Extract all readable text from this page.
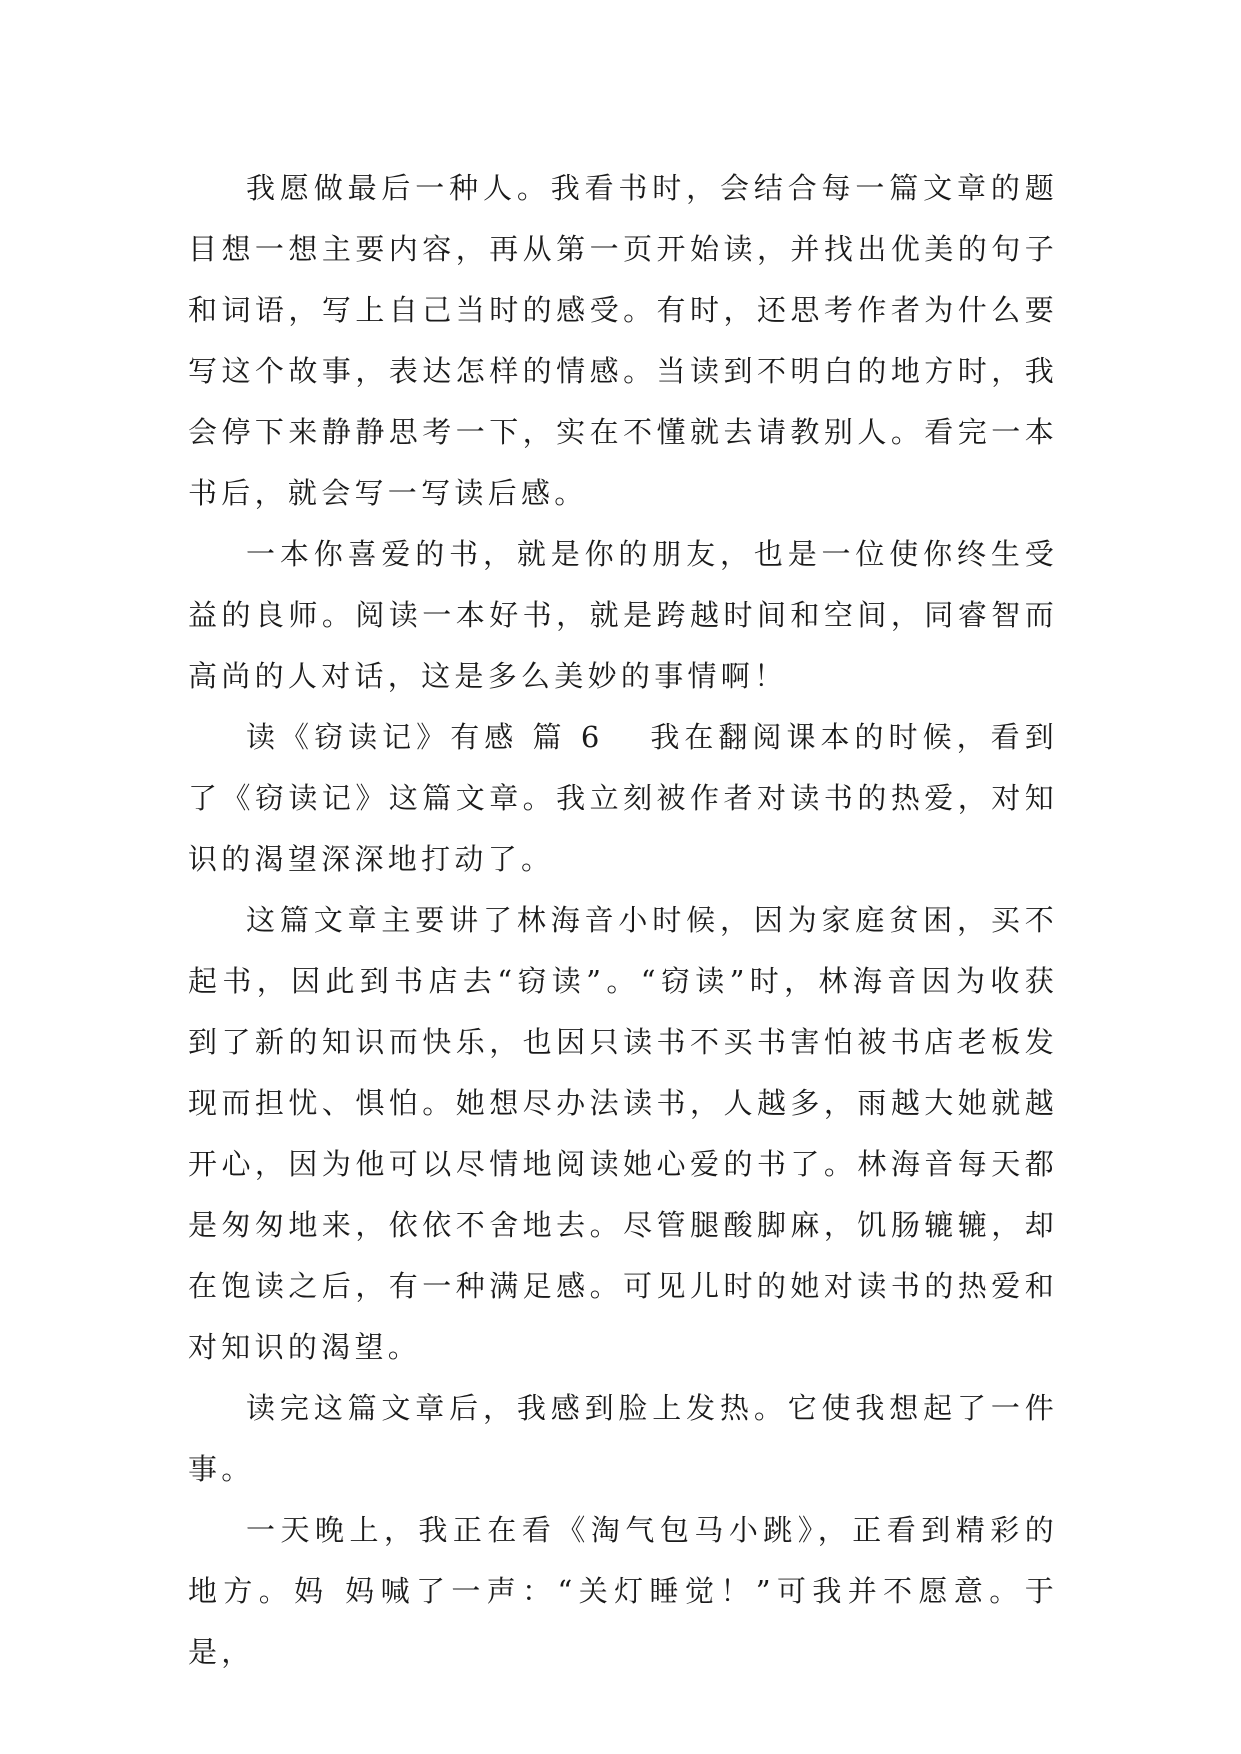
我愿做最后一种人。我看书时，会结合每一篇文章的题目想一想主要内容，再从第一页开始读，并找出优美的句子和词语，写上自己当时的感受。有时，还思考作者为什么要写这个故事，表达怎样的情感。当读到不明白的地方时，我会停下来静静思考一下，实在不懂就去请教别人。看完一本书后，就会写一写读后感。

一本你喜爱的书，就是你的朋友，也是一位使你终生受益的良师。阅读一本好书，就是跨越时间和空间，同睿智而高尚的人对话，这是多么美妙的事情啊！

读《窃读记》有感 篇 6 我在翻阅课本的时候，看到了《窃读记》这篇文章。我立刻被作者对读书的热爱，对知识的渴望深深地打动了。

这篇文章主要讲了林海音小时候，因为家庭贫困，买不起书，因此到书店去“窃读”。“窃读”时，林海音因为收获到了新的知识而快乐，也因只读书不买书害怕被书店老板发现而担忧、惧怕。她想尽办法读书，人越多，雨越大她就越开心，因为他可以尽情地阅读她心爱的书了。林海音每天都是匆匆地来，依依不舍地去。尽管腿酸脚麻，饥肠辘辘，却在饱读之后，有一种满足感。可见儿时的她对读书的热爱和对知识的渴望。

读完这篇文章后，我感到脸上发热。它使我想起了一件事。

一天晚上，我正在看《淘气包马小跳》，正看到精彩的地方。妈 妈喊了一声：“关灯睡觉！”可我并不愿意。于是，
